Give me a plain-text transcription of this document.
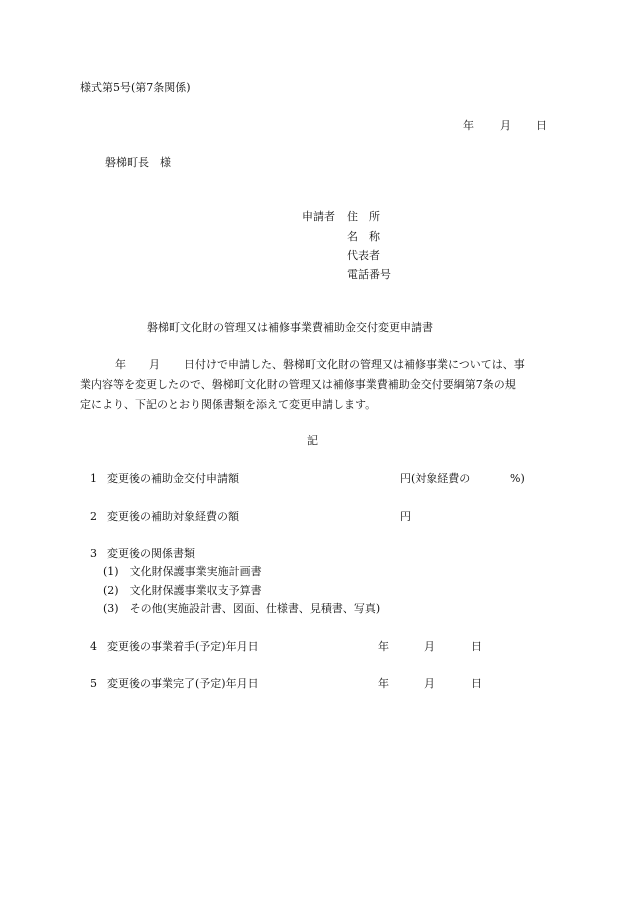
様式第5号(第7条関係)
年 月 日
磐梯町長　様
申請者 住　所
名　称
代表者
電話番号
磐梯町文化財の管理又は補修事業費補助金交付変更申請書
年 月 日付けで申請した、磐梯町文化財の管理又は補修事業については、事
業内容等を変更したので、磐梯町文化財の管理又は補修事業費補助金交付要綱第7条の規
定により、下記のとおり関係書類を添えて変更申請します。
記
1 変更後の補助金交付申請額	円(対象経費の	%)
2 変更後の補助対象経費の額	円
3 変更後の関係書類
(1)　文化財保護事業実施計画書
(2)　文化財保護事業収支予算書
(3)　その他(実施設計書、図面、仕様書、見積書、写真)
4 変更後の事業着手(予定)年月日	年	月	日
5 変更後の事業完了(予定)年月日	年	月	日
